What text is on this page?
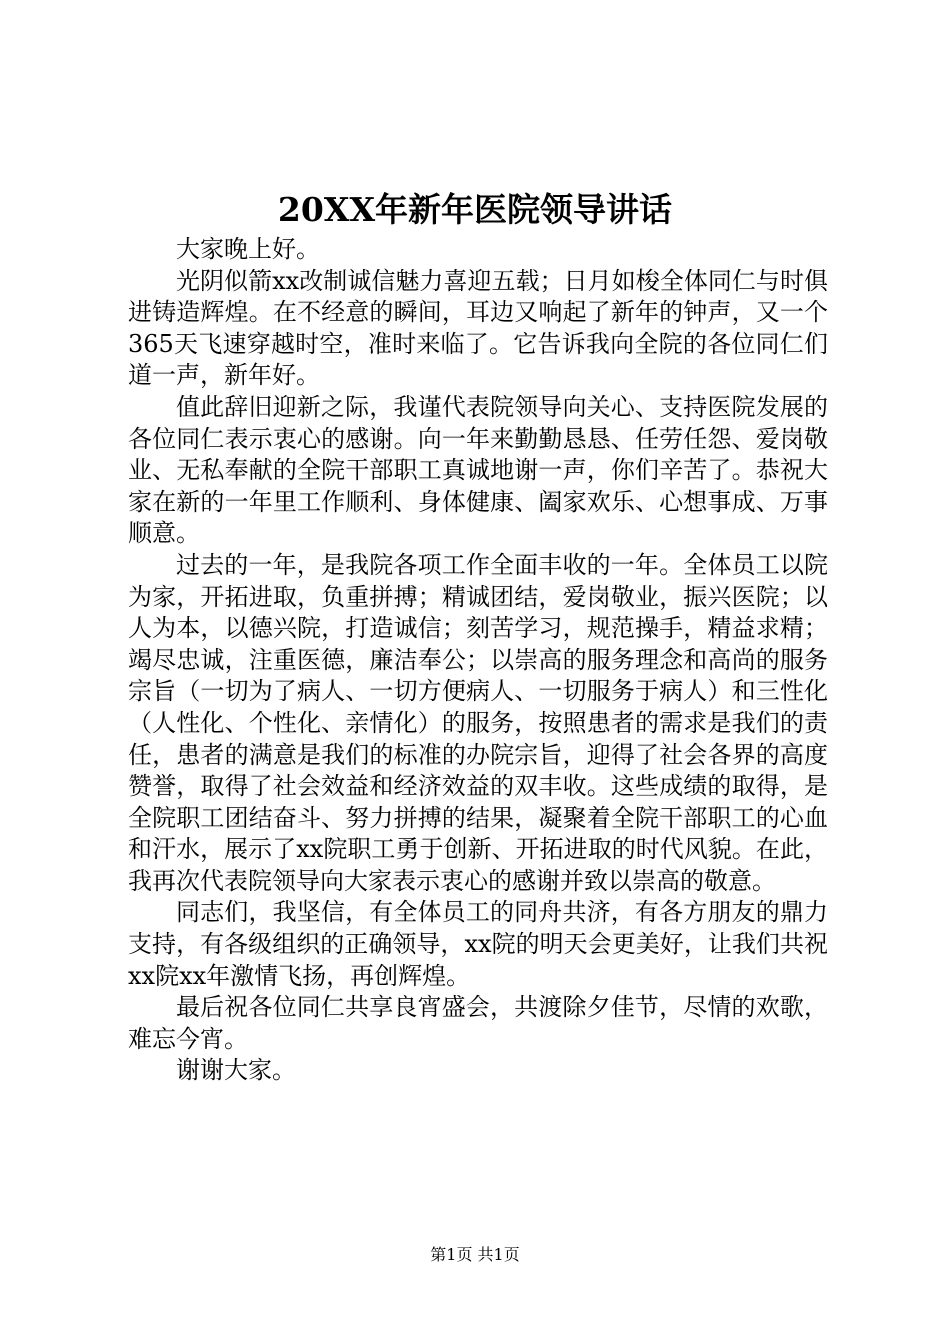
20XX年新年医院领导讲话

大家晚上好。

光阴似箭xx改制诚信魅力喜迎五载；日月如梭全体同仁与时俱进铸造辉煌。在不经意的瞬间，耳边又响起了新年的钟声，又一个365天飞速穿越时空，准时来临了。它告诉我向全院的各位同仁们道一声，新年好。

值此辞旧迎新之际，我谨代表院领导向关心、支持医院发展的各位同仁表示衷心的感谢。向一年来勤勤恳恳、任劳任怨、爱岗敬业、无私奉献的全院干部职工真诚地谢一声，你们辛苦了。恭祝大家在新的一年里工作顺利、身体健康、阖家欢乐、心想事成、万事顺意。

过去的一年，是我院各项工作全面丰收的一年。全体员工以院为家，开拓进取，负重拼搏；精诚团结，爱岗敬业，振兴医院；以人为本，以德兴院，打造诚信；刻苦学习，规范操手，精益求精；竭尽忠诚，注重医德，廉洁奉公；以崇高的服务理念和高尚的服务宗旨（一切为了病人、一切方便病人、一切服务于病人）和三性化（人性化、个性化、亲情化）的服务，按照患者的需求是我们的责任，患者的满意是我们的标准的办院宗旨，迎得了社会各界的高度赞誉，取得了社会效益和经济效益的双丰收。这些成绩的取得，是全院职工团结奋斗、努力拼搏的结果，凝聚着全院干部职工的心血和汗水，展示了xx院职工勇于创新、开拓进取的时代风貌。在此，我再次代表院领导向大家表示衷心的感谢并致以崇高的敬意。

同志们，我坚信，有全体员工的同舟共济，有各方朋友的鼎力支持，有各级组织的正确领导，xx院的明天会更美好，让我们共祝xx院xx年激情飞扬，再创辉煌。

最后祝各位同仁共享良宵盛会，共渡除夕佳节，尽情的欢歌，难忘今宵。

谢谢大家。

第1页 共1页
